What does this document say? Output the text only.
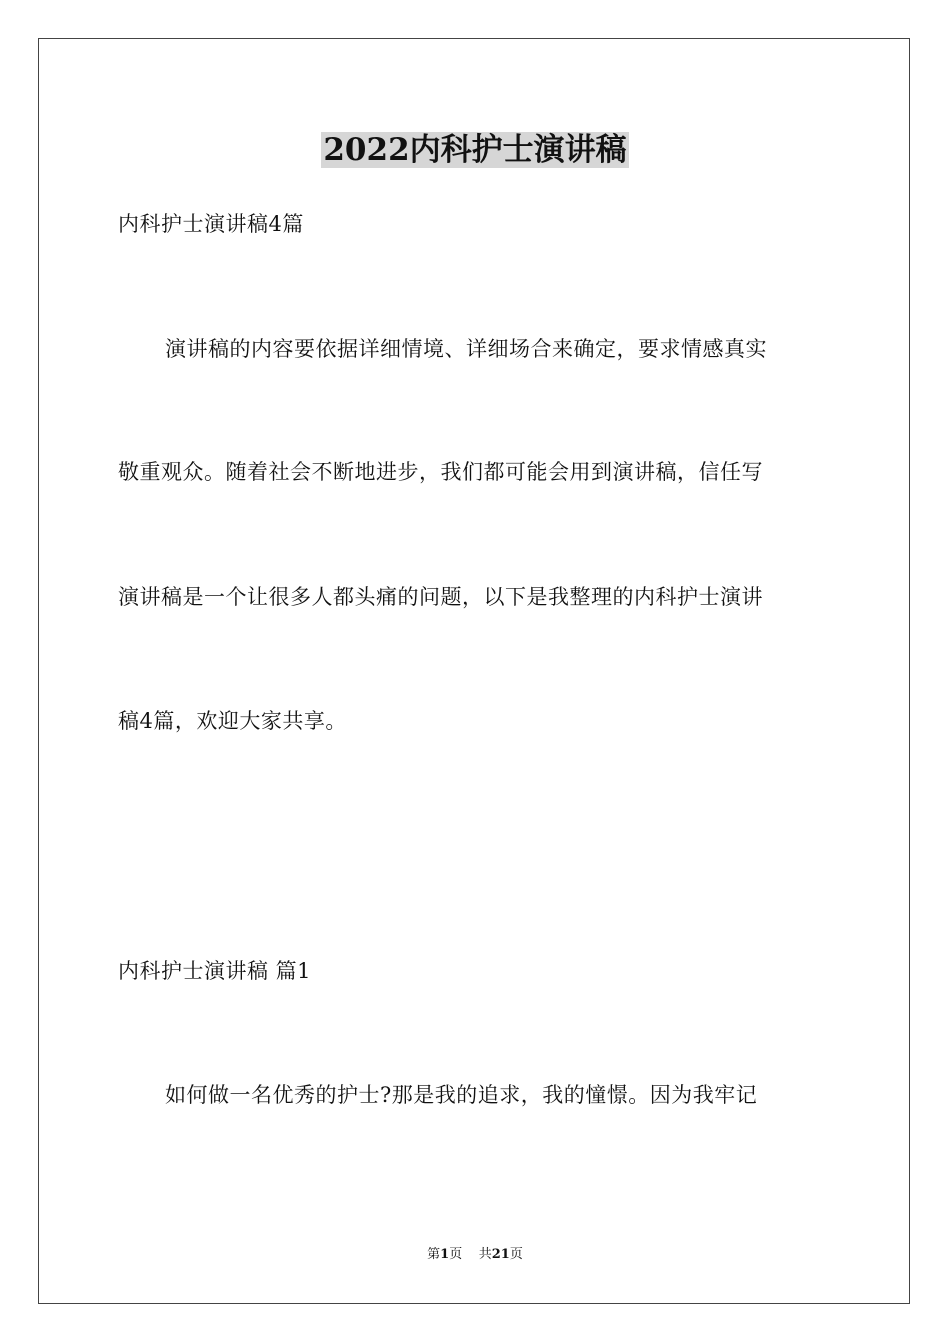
2022内科护士演讲稿
内科护士演讲稿4篇
演讲稿的内容要依据详细情境、详细场合来确定，要求情感真实
敬重观众。随着社会不断地进步，我们都可能会用到演讲稿，信任写
演讲稿是一个让很多人都头痛的问题，以下是我整理的内科护士演讲
稿4篇，欢迎大家共享。
内科护士演讲稿 篇1
如何做一名优秀的护士?那是我的追求，我的憧憬。因为我牢记
第1页 共21页
